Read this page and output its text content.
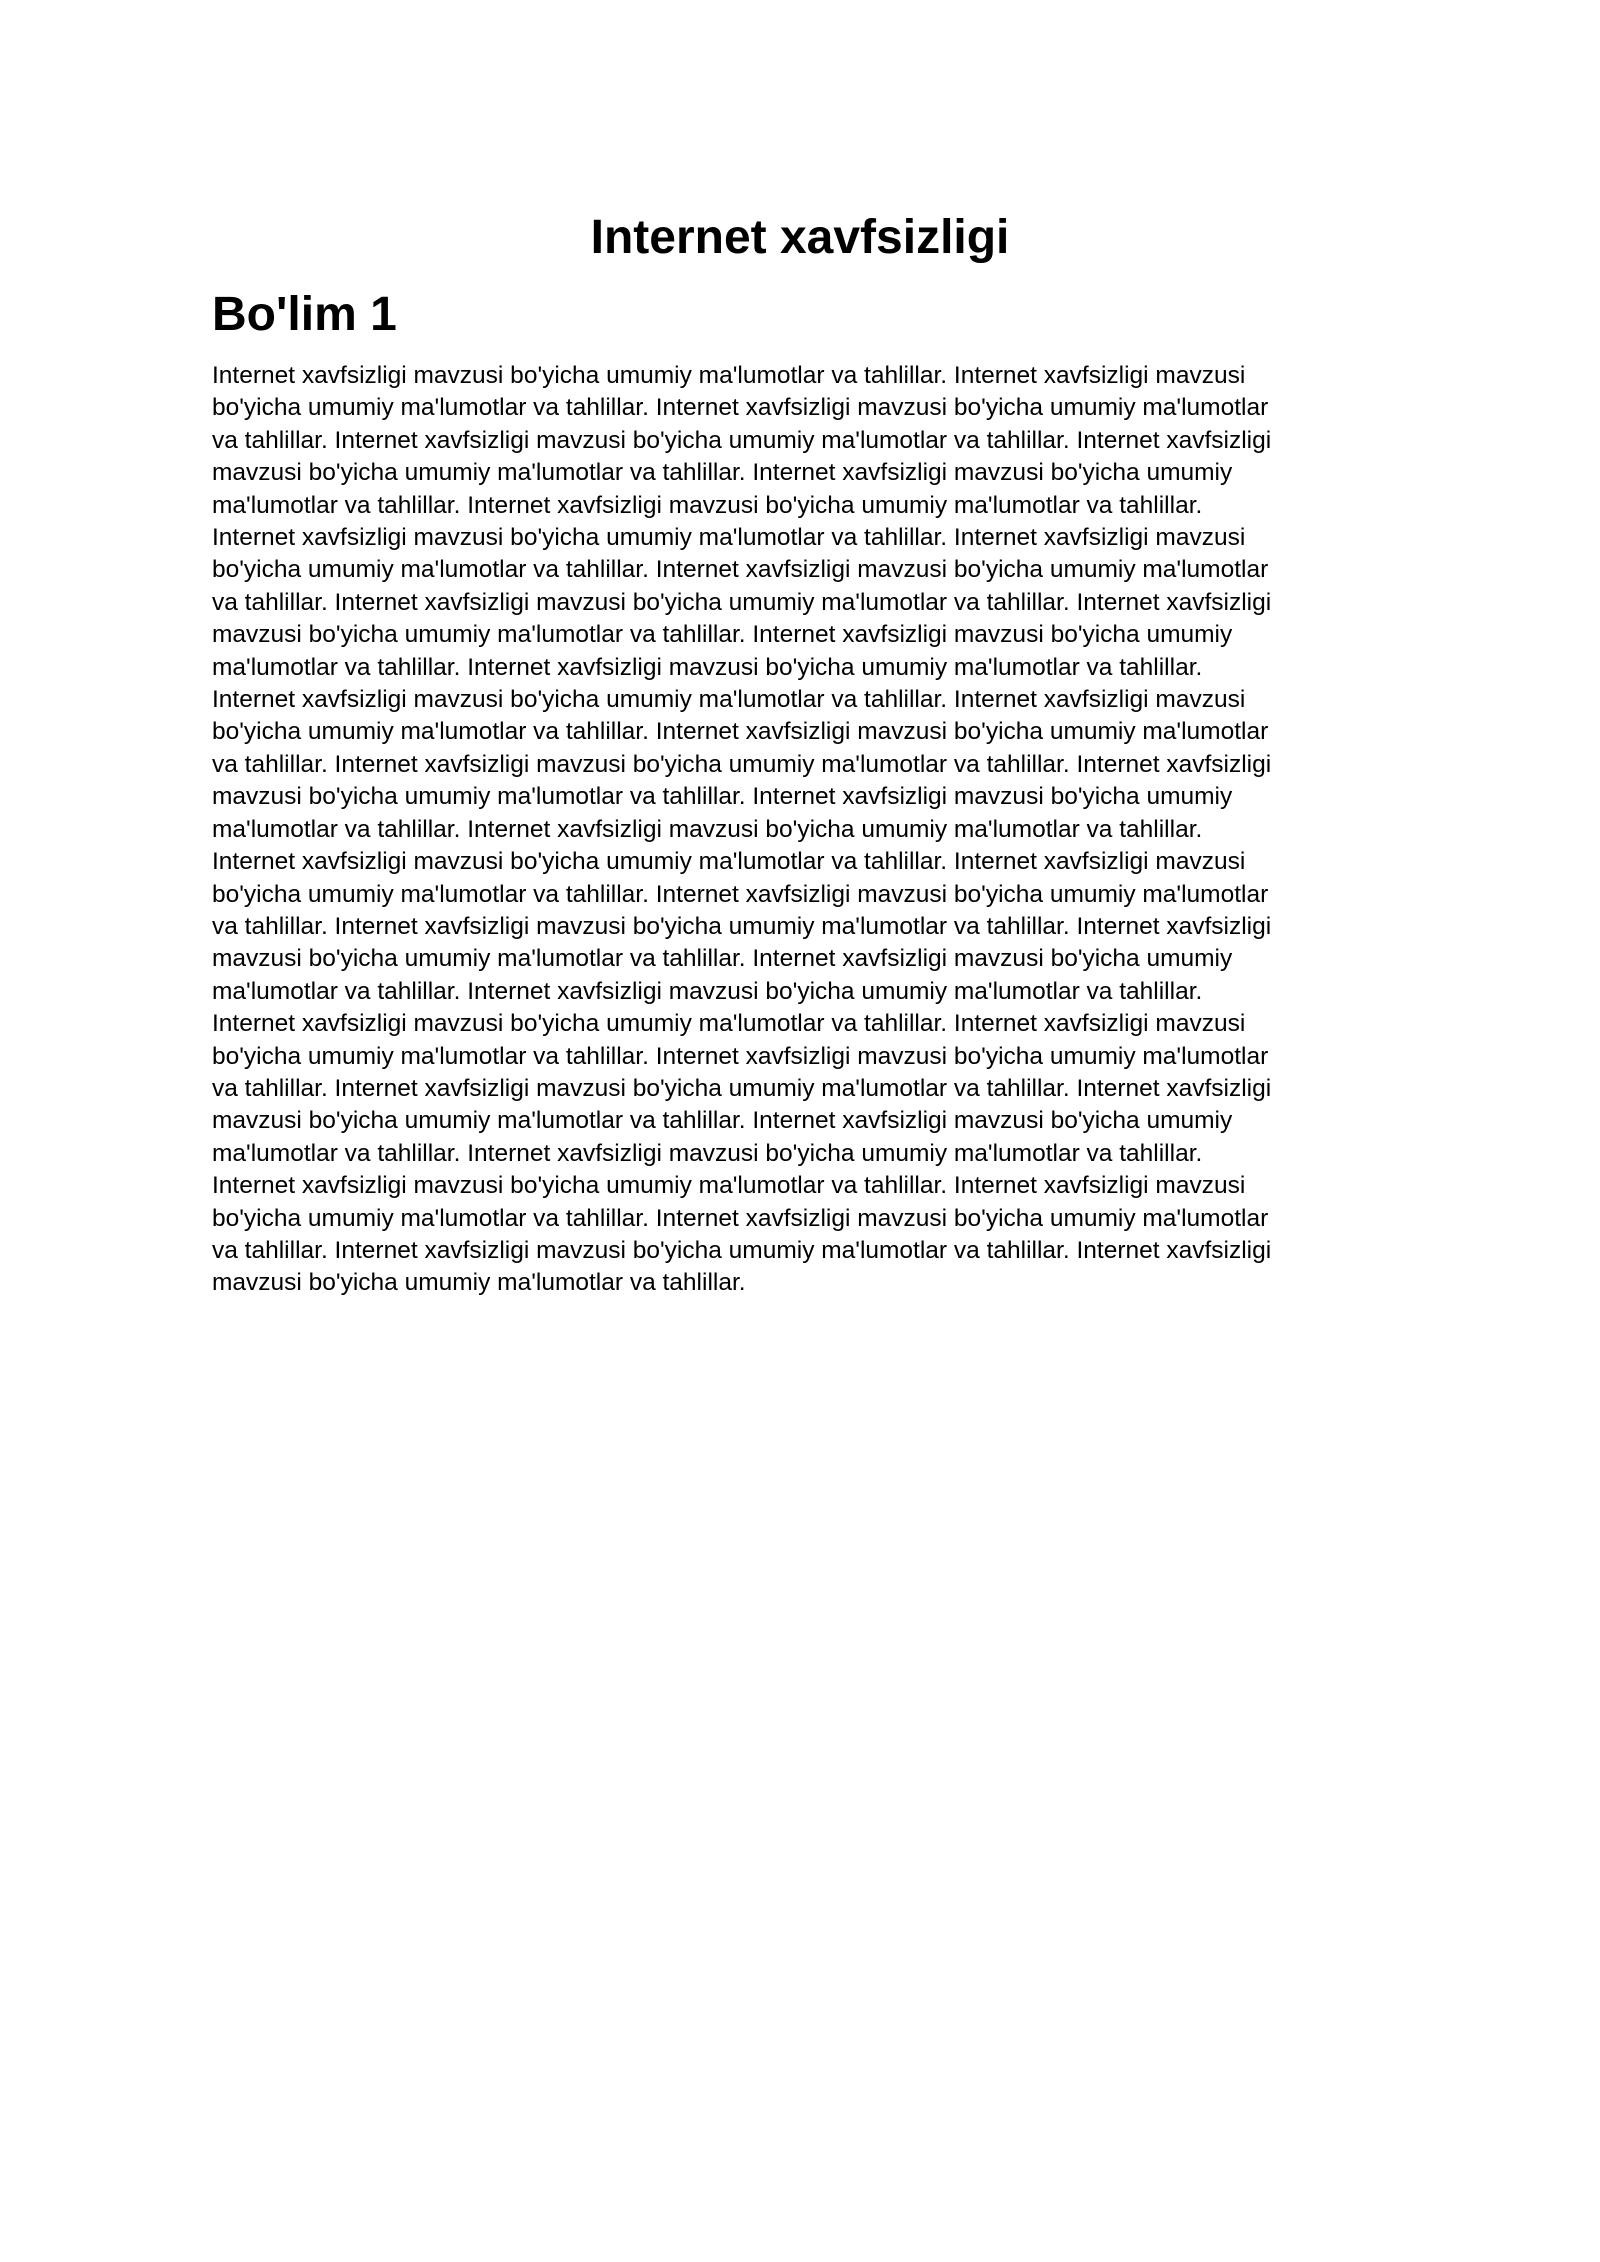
Internet xavfsizligi
Bo'lim 1

Internet xavfsizligi mavzusi bo'yicha umumiy ma'lumotlar va tahlillar. Internet xavfsizligi mavzusi
bo'yicha umumiy ma'lumotlar va tahlillar. Internet xavfsizligi mavzusi bo'yicha umumiy ma'lumotlar
va tahlillar. Internet xavfsizligi mavzusi bo'yicha umumiy ma'lumotlar va tahlillar. Internet xavfsizligi
mavzusi bo'yicha umumiy ma'lumotlar va tahlillar. Internet xavfsizligi mavzusi bo'yicha umumiy
ma'lumotlar va tahlillar. Internet xavfsizligi mavzusi bo'yicha umumiy ma'lumotlar va tahlillar.
Internet xavfsizligi mavzusi bo'yicha umumiy ma'lumotlar va tahlillar. Internet xavfsizligi mavzusi
bo'yicha umumiy ma'lumotlar va tahlillar. Internet xavfsizligi mavzusi bo'yicha umumiy ma'lumotlar
va tahlillar. Internet xavfsizligi mavzusi bo'yicha umumiy ma'lumotlar va tahlillar. Internet xavfsizligi
mavzusi bo'yicha umumiy ma'lumotlar va tahlillar. Internet xavfsizligi mavzusi bo'yicha umumiy
ma'lumotlar va tahlillar. Internet xavfsizligi mavzusi bo'yicha umumiy ma'lumotlar va tahlillar.
Internet xavfsizligi mavzusi bo'yicha umumiy ma'lumotlar va tahlillar. Internet xavfsizligi mavzusi
bo'yicha umumiy ma'lumotlar va tahlillar. Internet xavfsizligi mavzusi bo'yicha umumiy ma'lumotlar
va tahlillar. Internet xavfsizligi mavzusi bo'yicha umumiy ma'lumotlar va tahlillar. Internet xavfsizligi
mavzusi bo'yicha umumiy ma'lumotlar va tahlillar. Internet xavfsizligi mavzusi bo'yicha umumiy
ma'lumotlar va tahlillar. Internet xavfsizligi mavzusi bo'yicha umumiy ma'lumotlar va tahlillar.
Internet xavfsizligi mavzusi bo'yicha umumiy ma'lumotlar va tahlillar. Internet xavfsizligi mavzusi
bo'yicha umumiy ma'lumotlar va tahlillar. Internet xavfsizligi mavzusi bo'yicha umumiy ma'lumotlar
va tahlillar. Internet xavfsizligi mavzusi bo'yicha umumiy ma'lumotlar va tahlillar. Internet xavfsizligi
mavzusi bo'yicha umumiy ma'lumotlar va tahlillar. Internet xavfsizligi mavzusi bo'yicha umumiy
ma'lumotlar va tahlillar. Internet xavfsizligi mavzusi bo'yicha umumiy ma'lumotlar va tahlillar.
Internet xavfsizligi mavzusi bo'yicha umumiy ma'lumotlar va tahlillar. Internet xavfsizligi mavzusi
bo'yicha umumiy ma'lumotlar va tahlillar. Internet xavfsizligi mavzusi bo'yicha umumiy ma'lumotlar
va tahlillar. Internet xavfsizligi mavzusi bo'yicha umumiy ma'lumotlar va tahlillar. Internet xavfsizligi
mavzusi bo'yicha umumiy ma'lumotlar va tahlillar. Internet xavfsizligi mavzusi bo'yicha umumiy
ma'lumotlar va tahlillar. Internet xavfsizligi mavzusi bo'yicha umumiy ma'lumotlar va tahlillar.
Internet xavfsizligi mavzusi bo'yicha umumiy ma'lumotlar va tahlillar. Internet xavfsizligi mavzusi
bo'yicha umumiy ma'lumotlar va tahlillar. Internet xavfsizligi mavzusi bo'yicha umumiy ma'lumotlar
va tahlillar. Internet xavfsizligi mavzusi bo'yicha umumiy ma'lumotlar va tahlillar. Internet xavfsizligi
mavzusi bo'yicha umumiy ma'lumotlar va tahlillar.
